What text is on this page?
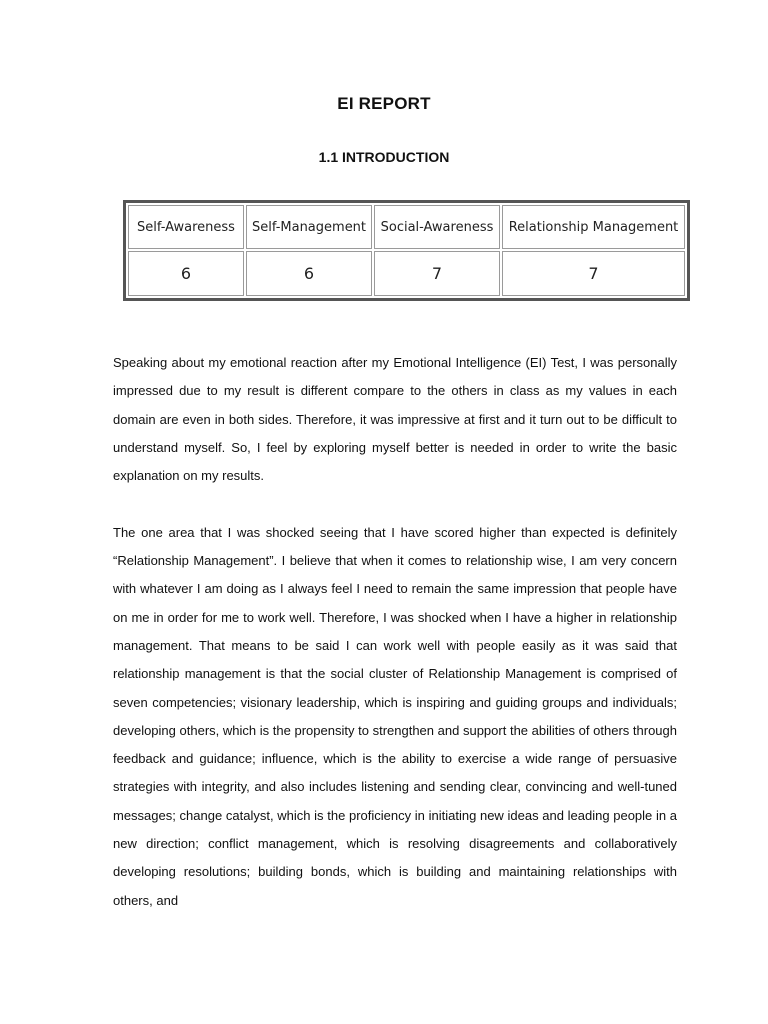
EI REPORT
1.1 INTRODUCTION
Self-Awareness	Self-Management	Social-Awareness	Relationship Management
6	6	7	7

Speaking about my emotional reaction after my Emotional Intelligence (EI) Test, I was personally impressed due to my result is different compare to the others in class as my values in each domain are even in both sides. Therefore, it was impressive at first and it turn out to be difficult to understand myself. So, I feel by exploring myself better is needed in order to write the basic explanation on my results.

The one area that I was shocked seeing that I have scored higher than expected is definitely “Relationship Management”. I believe that when it comes to relationship wise, I am very concern with whatever I am doing as I always feel I need to remain the same impression that people have on me in order for me to work well. Therefore, I was shocked when I have a higher in relationship management. That means to be said I can work well with people easily as it was said that relationship management is that the social cluster of Relationship Management is comprised of seven competencies; visionary leadership, which is inspiring and guiding groups and individuals; developing others, which is the propensity to strengthen and support the abilities of others through feedback and guidance; influence, which is the ability to exercise a wide range of persuasive strategies with integrity, and also includes listening and sending clear, convincing and well-tuned messages; change catalyst, which is the proficiency in initiating new ideas and leading people in a new direction; conflict management, which is resolving disagreements and collaboratively developing resolutions; building bonds, which is building and maintaining relationships with others, and
